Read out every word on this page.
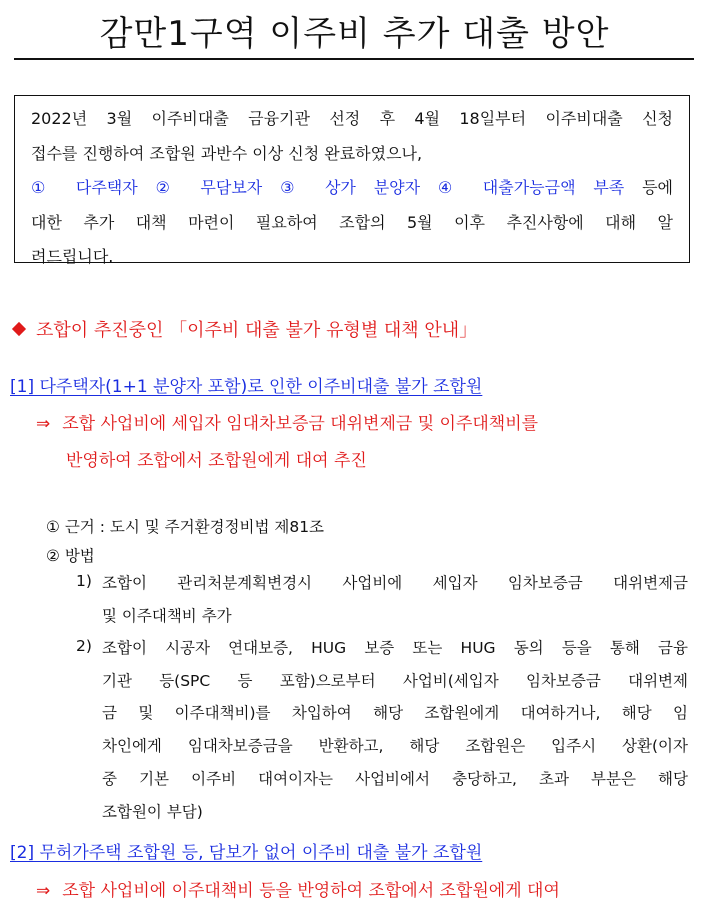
감만1구역 이주비 추가 대출 방안
2022년 3월 이주비대출 금융기관 선정 후 4월 18일부터 이주비대출 신청
접수를 진행하여 조합원 과반수 이상 신청 완료하였으나,
① 다주택자 ② 무담보자 ③ 상가 분양자 ④ 대출가능금액 부족 등에
대한 추가 대책 마련이 필요하여 조합의 5월 이후 추진사항에 대해 알
려드립니다.
조합이 추진중인 「이주비 대출 불가 유형별 대책 안내」
[1] 다주택자(1+1 분양자 포함)로 인한 이주비대출 불가 조합원
⇒ 조합 사업비에 세입자 임대차보증금 대위변제금 및 이주대책비를
반영하여 조합에서 조합원에게 대여 추진
① 근거 : 도시 및 주거환경정비법 제81조
② 방법
1) 조합이 관리처분계획변경시 사업비에 세입자 임차보증금 대위변제금
및 이주대책비 추가
2) 조합이 시공자 연대보증, HUG 보증 또는 HUG 동의 등을 통해 금융
기관 등(SPC 등 포함)으로부터 사업비(세입자 임차보증금 대위변제
금 및 이주대책비)를 차입하여 해당 조합원에게 대여하거나, 해당 임
차인에게 임대차보증금을 반환하고, 해당 조합원은 입주시 상환(이자
중 기본 이주비 대여이자는 사업비에서 충당하고, 초과 부분은 해당
조합원이 부담)
[2] 무허가주택 조합원 등, 담보가 없어 이주비 대출 불가 조합원
⇒ 조합 사업비에 이주대책비 등을 반영하여 조합에서 조합원에게 대여
